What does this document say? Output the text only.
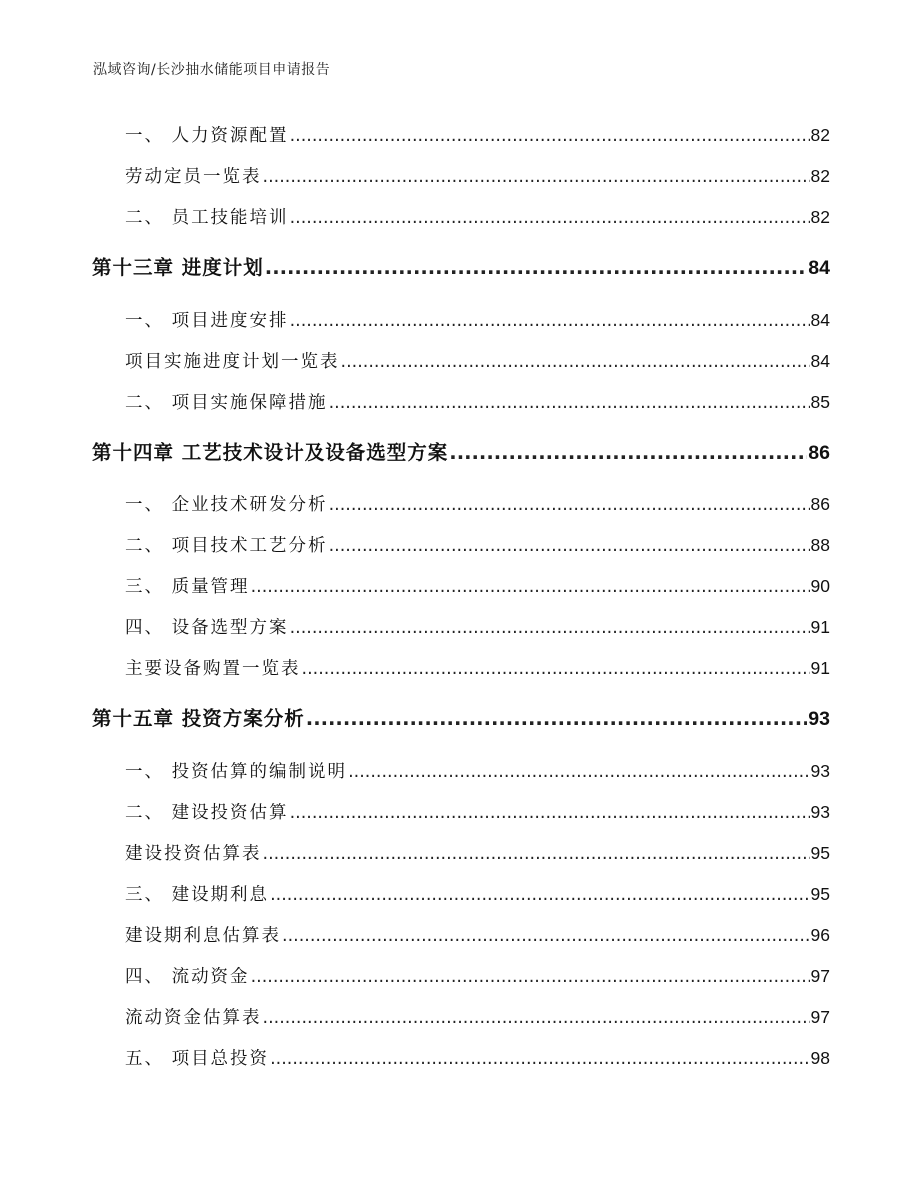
泓域咨询/长沙抽水储能项目申请报告
一、 人力资源配置 .....	82
劳动定员一览表 .....	82
二、 员工技能培训 .....	82
第十三章 进度计划 .....	84
一、 项目进度安排 .....	84
项目实施进度计划一览表 .....	84
二、 项目实施保障措施 .....	85
第十四章 工艺技术设计及设备选型方案 .....	86
一、 企业技术研发分析 .....	86
二、 项目技术工艺分析 .....	88
三、 质量管理 .....	90
四、 设备选型方案 .....	91
主要设备购置一览表 .....	91
第十五章 投资方案分析 .....	93
一、 投资估算的编制说明 .....	93
二、 建设投资估算 .....	93
建设投资估算表 .....	95
三、 建设期利息 .....	95
建设期利息估算表 .....	96
四、 流动资金 .....	97
流动资金估算表 .....	97
五、 项目总投资 .....	98
